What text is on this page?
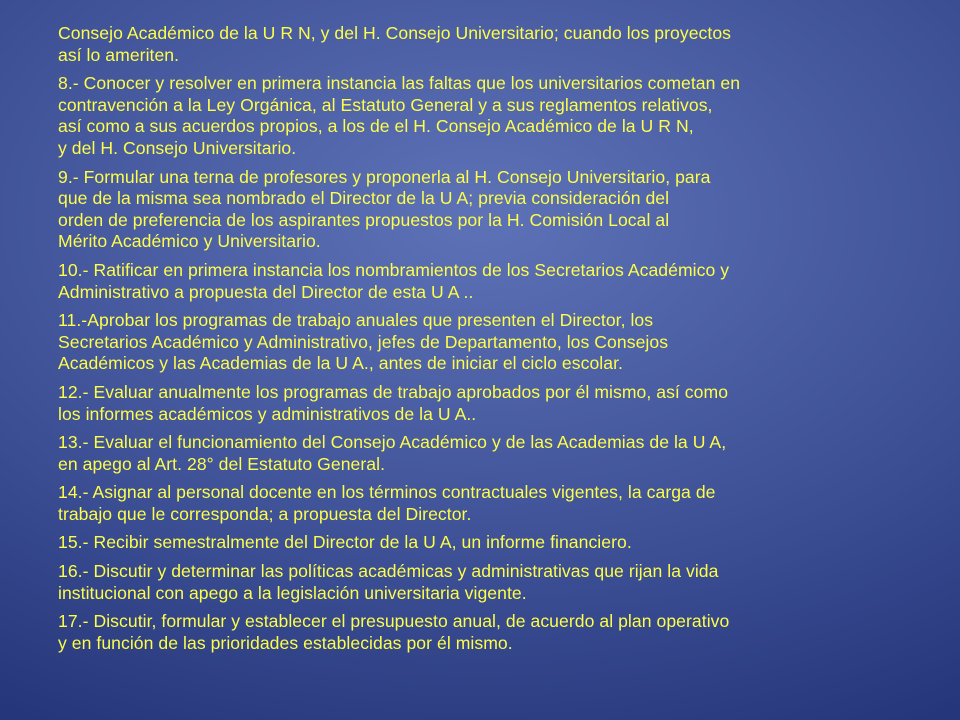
Consejo Académico de la U R N, y del H. Consejo Universitario; cuando los proyectos
así lo ameriten.

8.- Conocer y resolver en primera instancia las faltas que los universitarios cometan en
contravención a la Ley Orgánica, al Estatuto General y a sus reglamentos relativos,
así como a sus acuerdos propios, a los de el H. Consejo Académico de la U R N,
y del H. Consejo Universitario.

9.- Formular una terna de profesores y proponerla al H. Consejo Universitario, para
que de la misma sea nombrado el Director de la U A; previa consideración del
orden de preferencia de los aspirantes propuestos por la H. Comisión Local al
Mérito Académico y Universitario.

10.- Ratificar en primera instancia los nombramientos de los Secretarios Académico y
Administrativo a propuesta del Director de esta U A ..

11.-Aprobar los programas de trabajo anuales que presenten el Director, los
Secretarios Académico y Administrativo, jefes de Departamento, los Consejos
Académicos y las Academias de la U A., antes de iniciar el ciclo escolar.

12.- Evaluar anualmente los programas de trabajo aprobados por él mismo, así como
los informes académicos y administrativos de la U A..

13.- Evaluar el funcionamiento del Consejo Académico y de las Academias de la U A,
en apego al Art. 28° del Estatuto General.

14.- Asignar al personal docente en los términos contractuales vigentes, la carga de
trabajo que le corresponda; a propuesta del Director.

15.- Recibir semestralmente del Director de la U A, un informe financiero.

16.- Discutir y determinar las políticas académicas y administrativas que rijan la vida
institucional con apego a la legislación universitaria vigente.

17.- Discutir, formular y establecer el presupuesto anual, de acuerdo al plan operativo
y en función de las prioridades establecidas por él mismo.
